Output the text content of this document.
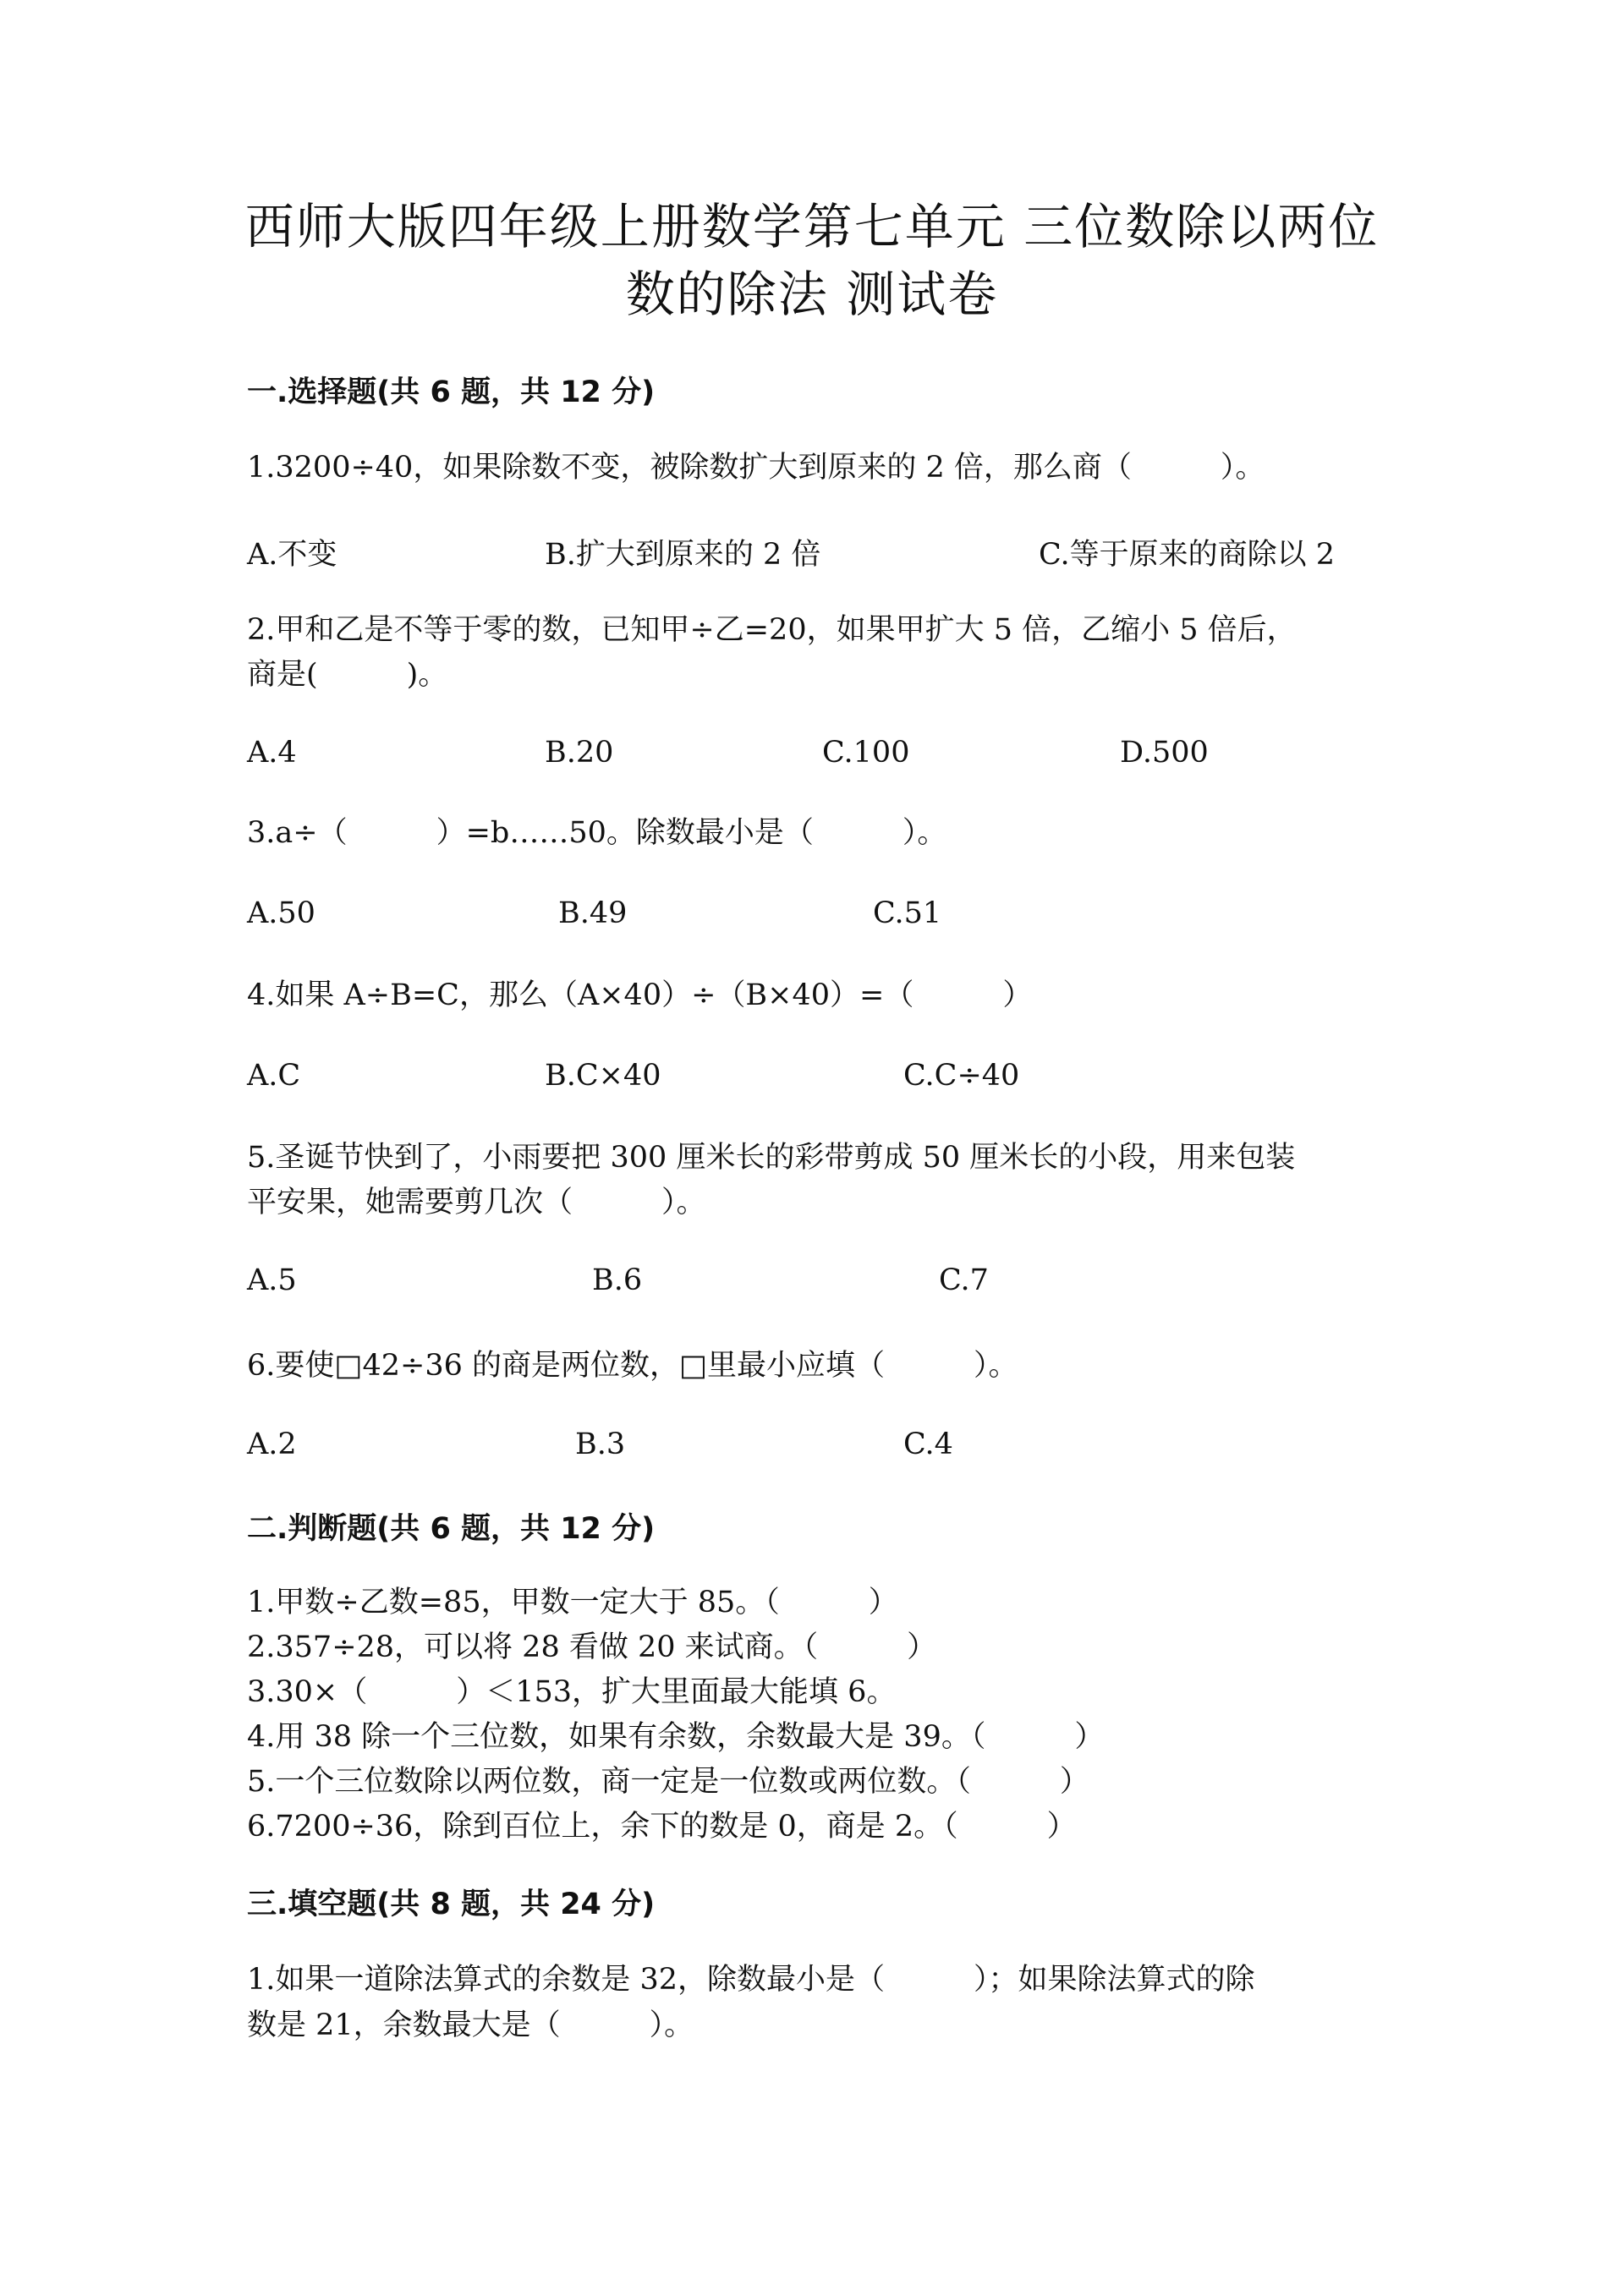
西师大版四年级上册数学第七单元 三位数除以两位
数的除法 测试卷
一.选择题(共 6 题，共 12 分)
1.3200÷40，如果除数不变，被除数扩大到原来的 2 倍，那么商（　　　）。
A.不变	B.扩大到原来的 2 倍	C.等于原来的商除以 2
2.甲和乙是不等于零的数，已知甲÷乙=20，如果甲扩大 5 倍，乙缩小 5 倍后，
商是(　　　)。
A.4	B.20	C.100	D.500
3.a÷（　　　）=b……50。除数最小是（　　　）。
A.50	B.49	C.51
4.如果 A÷B=C，那么（A×40）÷（B×40）=（　　　）
A.C	B.C×40	C.C÷40
5.圣诞节快到了，小雨要把 300 厘米长的彩带剪成 50 厘米长的小段，用来包装
平安果，她需要剪几次（　　　）。
A.5	B.6	C.7
6.要使□42÷36 的商是两位数，□里最小应填（　　　）。
A.2	B.3	C.4
二.判断题(共 6 题，共 12 分)
1.甲数÷乙数=85，甲数一定大于 85。（　　　）
2.357÷28，可以将 28 看做 20 来试商。（　　　）
3.30×（　　　）＜153，扩大里面最大能填 6。
4.用 38 除一个三位数，如果有余数，余数最大是 39。（　　　）
5.一个三位数除以两位数，商一定是一位数或两位数。（　　　）
6.7200÷36，除到百位上，余下的数是 0，商是 2。（　　　）
三.填空题(共 8 题，共 24 分)
1.如果一道除法算式的余数是 32，除数最小是（　　　）；如果除法算式的除
数是 21，余数最大是（　　　）。
